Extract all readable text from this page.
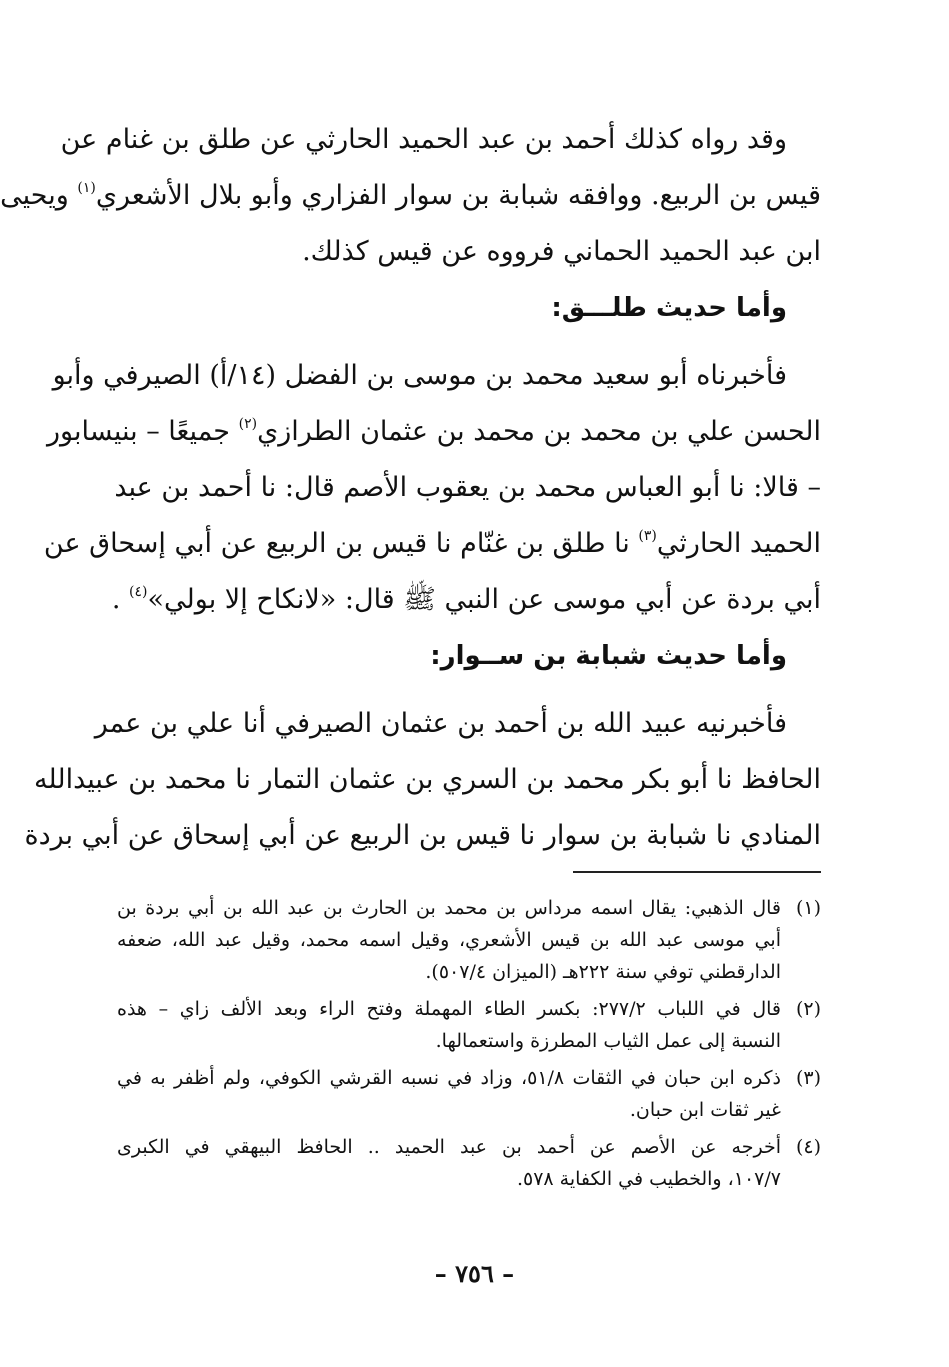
وقد رواه كذلك أحمد بن عبد الحميد الحارثي عن طلق بن غنام عن
قيس بن الربيع. ووافقه شبابة بن سوار الفزاري وأبو بلال الأشعري$^{(١)}$ ويحيى
ابن عبد الحميد الحماني فرووه عن قيس كذلك.

وأما حديث طلـــق:

فأخبرناه أبو سعيد محمد بن موسى بن الفضل (١٤/أ) الصيرفي وأبو
الحسن علي بن محمد بن محمد بن عثمان الطرازي$^{(٢)}$ جميعًا – بنيسابور
– قالا: نا أبو العباس محمد بن يعقوب الأصم قال: نا أحمد بن عبد
الحميد الحارثي$^{(٣)}$ نا طلق بن غنّام نا قيس بن الربيع عن أبي إسحاق عن
أبي بردة عن أبي موسى عن النبي ﷺ قال: «لانكاح إلا بولي»$^{(٤)}$ .

وأما حديث شبابة بن ســوار:

فأخبرنيه عبيد الله بن أحمد بن عثمان الصيرفي أنا علي بن عمر
الحافظ نا أبو بكر محمد بن السري بن عثمان التمار نا محمد بن عبيدالله
المنادي نا شبابة بن سوار نا قيس بن الربيع عن أبي إسحاق عن أبي بردة

(١)
قال الذهبي: يقال اسمه مرداس بن محمد بن الحارث بن عبد الله بن أبي بردة بن
أبي موسى عبد الله بن قيس الأشعري، وقيل اسمه محمد، وقيل عبد الله، ضعفه
الدارقطني توفي سنة ٢٢٢هـ (الميزان ٥٠٧/٤).
(٢)
قال في اللباب ٢٧٧/٢: بكسر الطاء المهملة وفتح الراء وبعد الألف زاي – هذه
النسبة إلى عمل الثياب المطرزة واستعمالها.
(٣)
ذكره ابن حبان في الثقات ٥١/٨، وزاد في نسبه القرشي الكوفي، ولم أظفر به في
غير ثقات ابن حبان.
(٤)
أخرجه عن الأصم عن أحمد بن عبد الحميد .. الحافظ البيهقي في الكبرى
١٠٧/٧، والخطيب في الكفاية ٥٧٨.
– ٧٥٦ –
